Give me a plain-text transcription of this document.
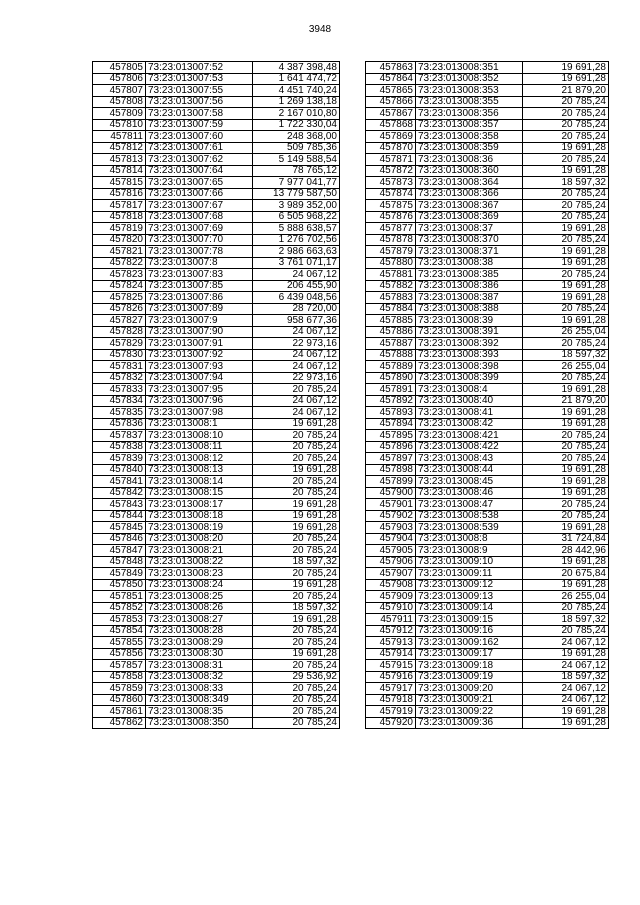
3948
457805	73:23:013007:52	4 387 398,48
457806	73:23:013007:53	1 641 474,72
457807	73:23:013007:55	4 451 740,24
457808	73:23:013007:56	1 269 138,18
457809	73:23:013007:58	2 167 010,80
457810	73:23:013007:59	1 722 330,04
457811	73:23:013007:60	248 368,00
457812	73:23:013007:61	509 785,36
457813	73:23:013007:62	5 149 588,54
457814	73:23:013007:64	78 765,12
457815	73:23:013007:65	7 977 041,77
457816	73:23:013007:66	13 779 587,50
457817	73:23:013007:67	3 989 352,00
457818	73:23:013007:68	6 505 968,22
457819	73:23:013007:69	5 888 638,57
457820	73:23:013007:70	1 276 702,56
457821	73:23:013007:78	2 986 663,63
457822	73:23:013007:8	3 761 071,17
457823	73:23:013007:83	24 067,12
457824	73:23:013007:85	206 455,90
457825	73:23:013007:86	6 439 048,56
457826	73:23:013007:89	28 720,00
457827	73:23:013007:9	958 677,36
457828	73:23:013007:90	24 067,12
457829	73:23:013007:91	22 973,16
457830	73:23:013007:92	24 067,12
457831	73:23:013007:93	24 067,12
457832	73:23:013007:94	22 973,16
457833	73:23:013007:95	20 785,24
457834	73:23:013007:96	24 067,12
457835	73:23:013007:98	24 067,12
457836	73:23:013008:1	19 691,28
457837	73:23:013008:10	20 785,24
457838	73:23:013008:11	20 785,24
457839	73:23:013008:12	20 785,24
457840	73:23:013008:13	19 691,28
457841	73:23:013008:14	20 785,24
457842	73:23:013008:15	20 785,24
457843	73:23:013008:17	19 691,28
457844	73:23:013008:18	19 691,28
457845	73:23:013008:19	19 691,28
457846	73:23:013008:20	20 785,24
457847	73:23:013008:21	20 785,24
457848	73:23:013008:22	18 597,32
457849	73:23:013008:23	20 785,24
457850	73:23:013008:24	19 691,28
457851	73:23:013008:25	20 785,24
457852	73:23:013008:26	18 597,32
457853	73:23:013008:27	19 691,28
457854	73:23:013008:28	20 785,24
457855	73:23:013008:29	20 785,24
457856	73:23:013008:30	19 691,28
457857	73:23:013008:31	20 785,24
457858	73:23:013008:32	29 536,92
457859	73:23:013008:33	20 785,24
457860	73:23:013008:349	20 785,24
457861	73:23:013008:35	20 785,24
457862	73:23:013008:350	20 785,24
457863	73:23:013008:351	19 691,28
457864	73:23:013008:352	19 691,28
457865	73:23:013008:353	21 879,20
457866	73:23:013008:355	20 785,24
457867	73:23:013008:356	20 785,24
457868	73:23:013008:357	20 785,24
457869	73:23:013008:358	20 785,24
457870	73:23:013008:359	19 691,28
457871	73:23:013008:36	20 785,24
457872	73:23:013008:360	19 691,28
457873	73:23:013008:364	18 597,32
457874	73:23:013008:366	20 785,24
457875	73:23:013008:367	20 785,24
457876	73:23:013008:369	20 785,24
457877	73:23:013008:37	19 691,28
457878	73:23:013008:370	20 785,24
457879	73:23:013008:371	19 691,28
457880	73:23:013008:38	19 691,28
457881	73:23:013008:385	20 785,24
457882	73:23:013008:386	19 691,28
457883	73:23:013008:387	19 691,28
457884	73:23:013008:388	20 785,24
457885	73:23:013008:39	19 691,28
457886	73:23:013008:391	26 255,04
457887	73:23:013008:392	20 785,24
457888	73:23:013008:393	18 597,32
457889	73:23:013008:398	26 255,04
457890	73:23:013008:399	20 785,24
457891	73:23:013008:4	19 691,28
457892	73:23:013008:40	21 879,20
457893	73:23:013008:41	19 691,28
457894	73:23:013008:42	19 691,28
457895	73:23:013008:421	20 785,24
457896	73:23:013008:422	20 785,24
457897	73:23:013008:43	20 785,24
457898	73:23:013008:44	19 691,28
457899	73:23:013008:45	19 691,28
457900	73:23:013008:46	19 691,28
457901	73:23:013008:47	20 785,24
457902	73:23:013008:538	20 785,24
457903	73:23:013008:539	19 691,28
457904	73:23:013008:8	31 724,84
457905	73:23:013008:9	28 442,96
457906	73:23:013009:10	19 691,28
457907	73:23:013009:11	20 675,84
457908	73:23:013009:12	19 691,28
457909	73:23:013009:13	26 255,04
457910	73:23:013009:14	20 785,24
457911	73:23:013009:15	18 597,32
457912	73:23:013009:16	20 785,24
457913	73:23:013009:162	24 067,12
457914	73:23:013009:17	19 691,28
457915	73:23:013009:18	24 067,12
457916	73:23:013009:19	18 597,32
457917	73:23:013009:20	24 067,12
457918	73:23:013009:21	24 067,12
457919	73:23:013009:22	19 691,28
457920	73:23:013009:36	19 691,28
